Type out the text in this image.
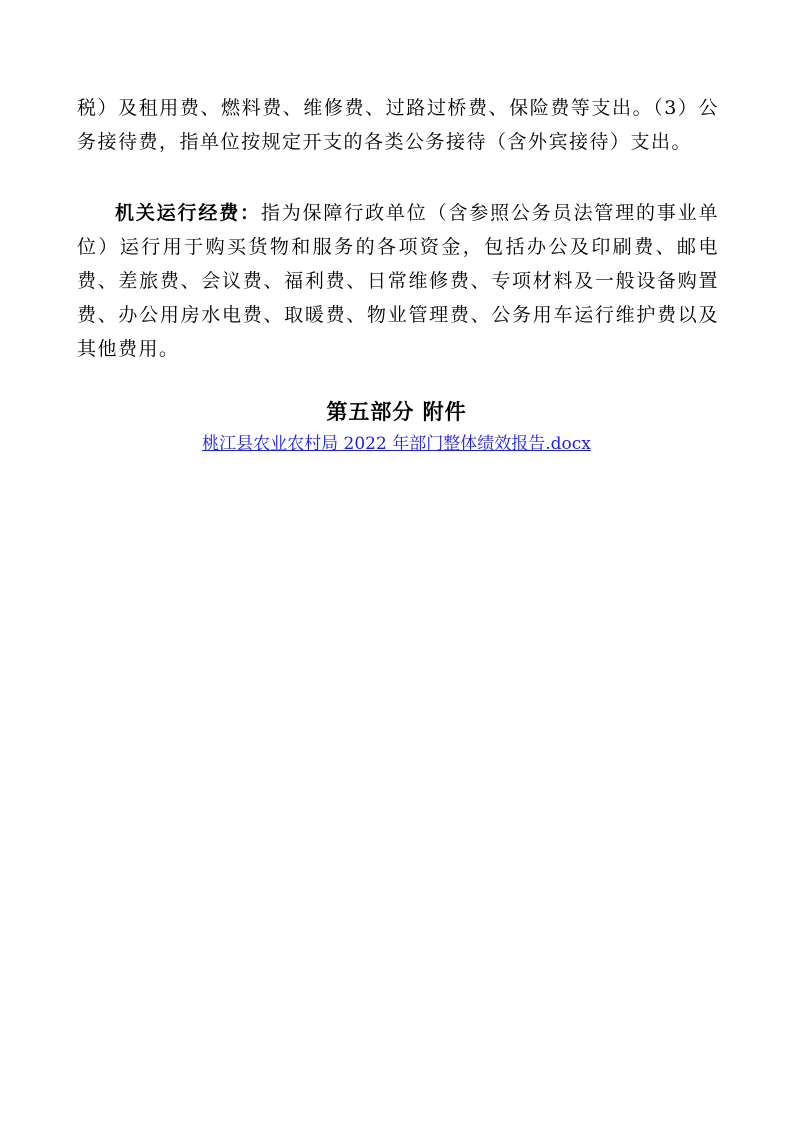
税）及租用费、燃料费、维修费、过路过桥费、保险费等支出。（3）公务接待费，指单位按规定开支的各类公务接待（含外宾接待）支出。

机关运行经费：指为保障行政单位（含参照公务员法管理的事业单位）运行用于购买货物和服务的各项资金，包括办公及印刷费、邮电费、差旅费、会议费、福利费、日常维修费、专项材料及一般设备购置费、办公用房水电费、取暖费、物业管理费、公务用车运行维护费以及其他费用。

第五部分 附件
桃江县农业农村局 2022 年部门整体绩效报告.docx
